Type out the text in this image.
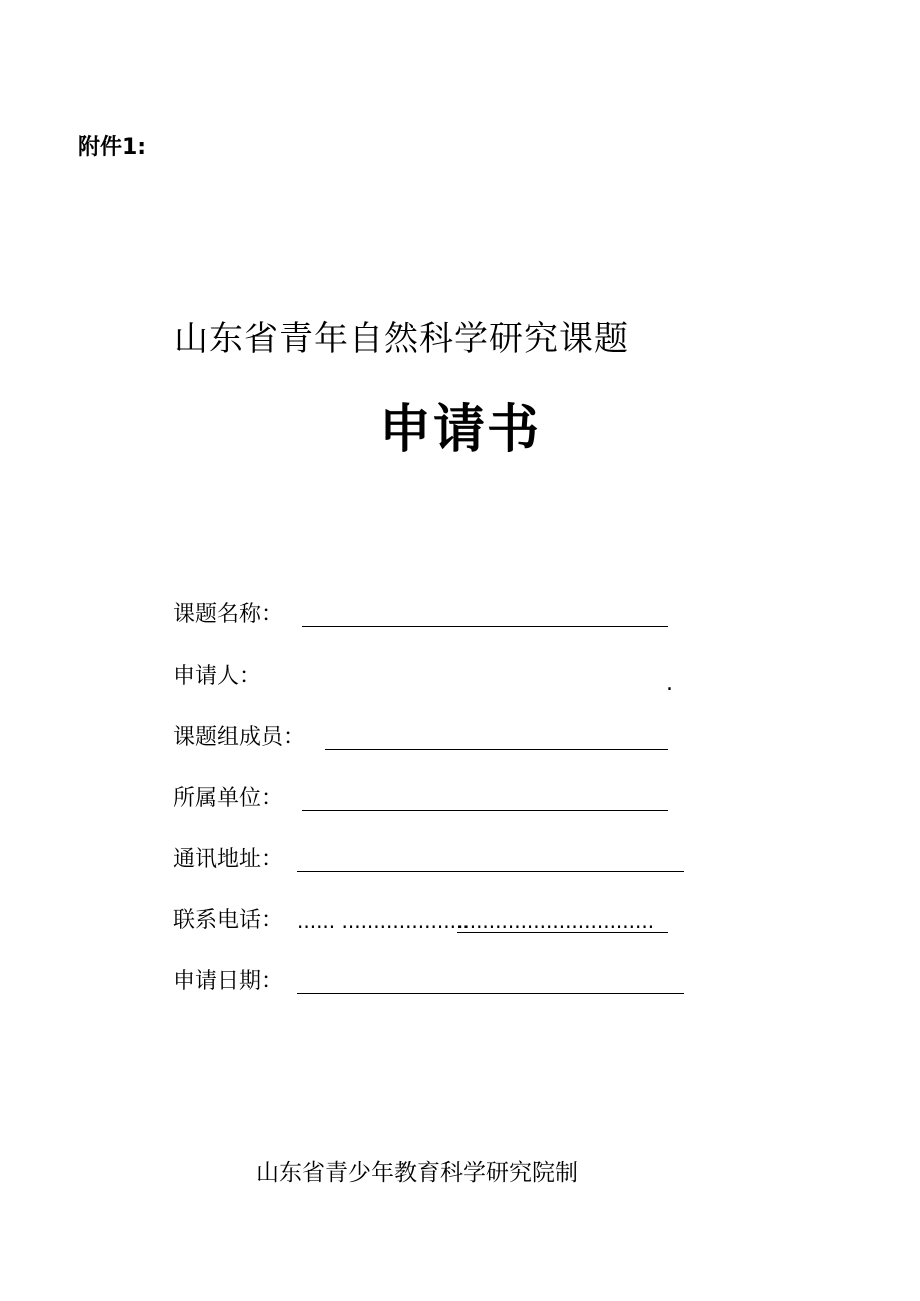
附件1:
山东省青年自然科学研究课题
申请书
课题名称：
申请人：	.
课题组成员：
所属单位：
通讯地址：
联系电话： ...... ....................
...............................
申请日期：
山东省青少年教育科学研究院制
